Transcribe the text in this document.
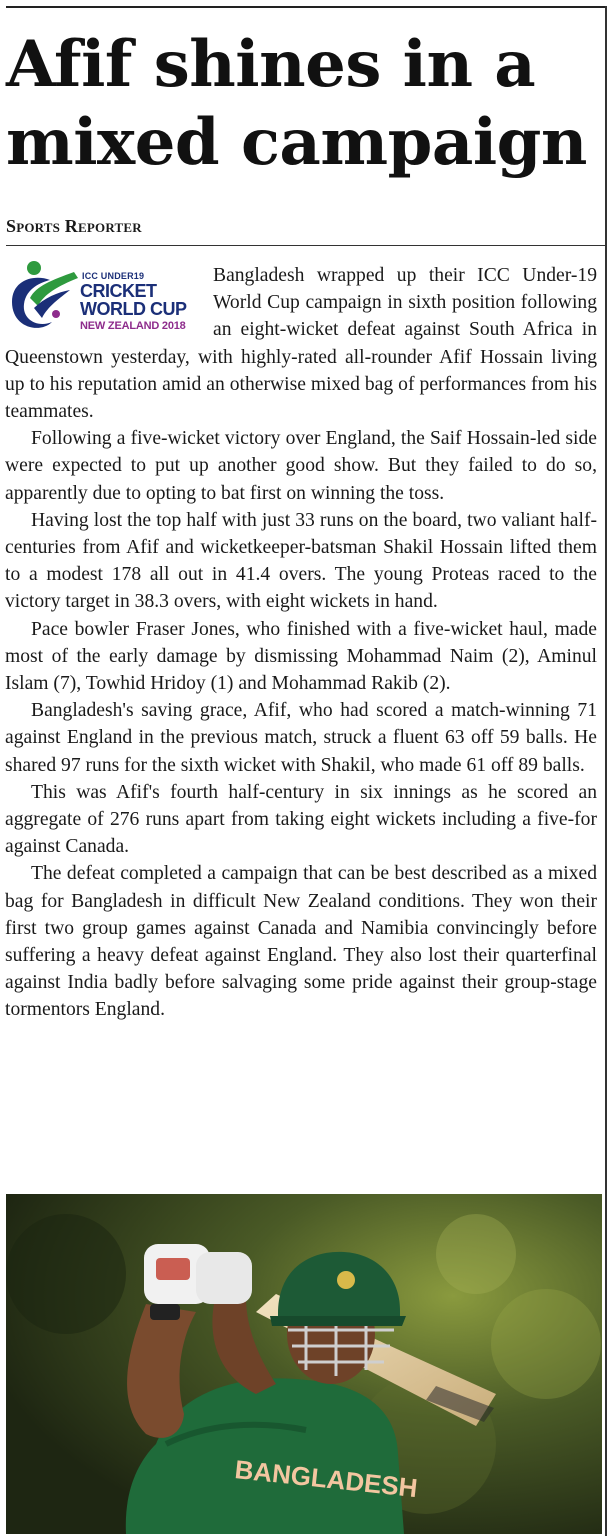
Afif shines in a mixed campaign
Sports Reporter
ICC UNDER19
CRICKET
WORLD CUP
NEW ZEALAND 2018

Bangladesh wrapped up their ICC Under-19 World Cup campaign in sixth position following an eight-wicket defeat against South Africa in Queenstown yesterday, with highly-rated all-rounder Afif Hossain living up to his reputation amid an otherwise mixed bag of performances from his teammates.

Following a five-wicket victory over England, the Saif Hossain-led side were expected to put up another good show. But they failed to do so, apparently due to opting to bat first on winning the toss.

Having lost the top half with just 33 runs on the board, two valiant half-centuries from Afif and wicketkeeper-batsman Shakil Hossain lifted them to a modest 178 all out in 41.4 overs. The young Proteas raced to the victory target in 38.3 overs, with eight wickets in hand.

Pace bowler Fraser Jones, who finished with a five-wicket haul, made most of the early damage by dismissing Mohammad Naim (2), Aminul Islam (7), Towhid Hridoy (1) and Mohammad Rakib (2).

Bangladesh's saving grace, Afif, who had scored a match-winning 71 against England in the previous match, struck a fluent 63 off 59 balls. He shared 97 runs for the sixth wicket with Shakil, who made 61 off 89 balls.

This was Afif's fourth half-century in six innings as he scored an aggregate of 276 runs apart from taking eight wickets including a five-for against Canada.

The defeat completed a campaign that can be best described as a mixed bag for Bangladesh in difficult New Zealand conditions. They won their first two group games against Canada and Namibia convincingly before suffering a heavy defeat against England. They also lost their quarterfinal against India badly before salvaging some pride against their group-stage tormentors England.

BANGLADESH
